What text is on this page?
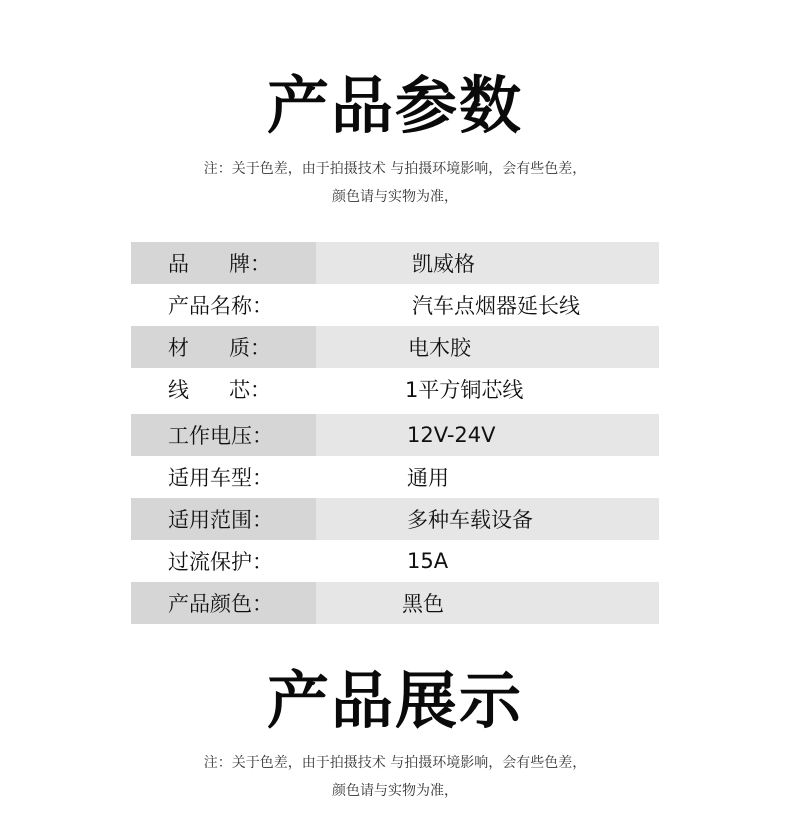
产品参数
注：关于色差，由于拍摄技术 与拍摄环境影响，会有些色差，
颜色请与实物为准，
品      牌：	凯威格
产品名称：	汽车点烟器延长线
材      质：	电木胶
线      芯：	1平方铜芯线
工作电压：	12V-24V
适用车型：	通用
适用范围：	多种车载设备
过流保护：	15A
产品颜色：	黑色
产品展示
注：关于色差，由于拍摄技术 与拍摄环境影响，会有些色差，
颜色请与实物为准，
